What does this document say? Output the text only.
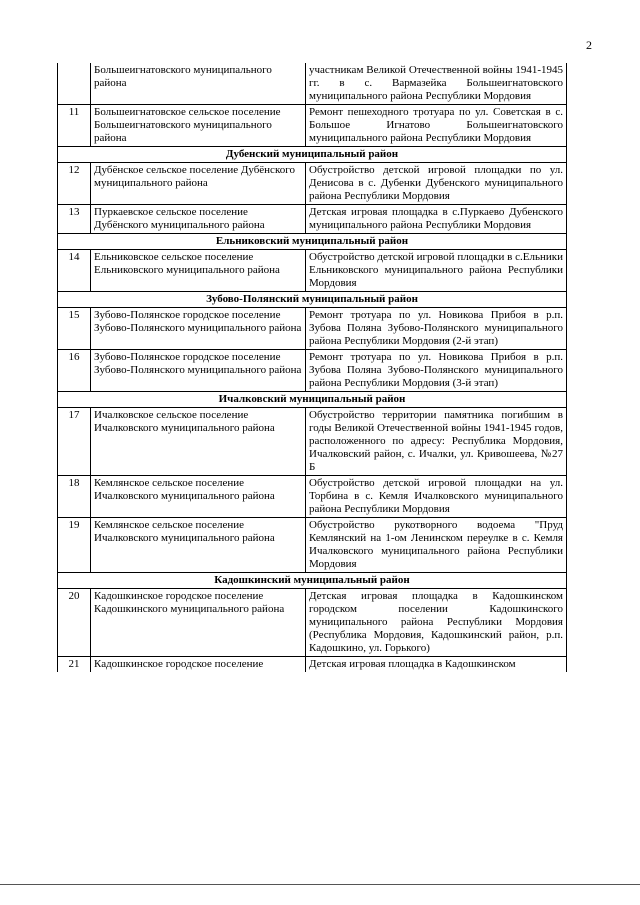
2
	Большеигнатовского муниципального района	участникам Великой Отечественной войны 1941-1945 гг. в с. Вармазейка Большеигнатовского муниципального района Республики Мордовия
11	Большеигнатовское сельское поселение Большеигнатовского муниципального района	Ремонт пешеходного тротуара по ул. Советская в с. Большое Игнатово Большеигнатовского муниципального района Республики Мордовия
Дубенский муниципальный район		
12	Дубёнское сельское поселение Дубёнского муниципального района	Обустройство детской игровой площадки по ул. Денисова в с. Дубенки Дубенского муниципального района Республики Мордовия
13	Пуркаевское сельское поселение Дубёнского муниципального района	Детская игровая площадка в с.Пуркаево Дубенского муниципального района Республики Мордовия
Ельниковский муниципальный район		
14	Ельниковское сельское поселение Ельниковского муниципального района	Обустройство детской игровой площадки в с.Ельники Ельниковского муниципального района Республики Мордовия
Зубово-Полянский муниципальный район		
15	Зубово-Полянское городское поселение Зубово-Полянского муниципального района	Ремонт тротуара по ул. Новикова Прибоя в р.п. Зубова Поляна Зубово-Полянского муниципального района Республики Мордовия (2-й этап)
16	Зубово-Полянское городское поселение Зубово-Полянского муниципального района	Ремонт тротуара по ул. Новикова Прибоя в р.п. Зубова Поляна Зубово-Полянского муниципального района Республики Мордовия (3-й этап)
Ичалковский муниципальный район		
17	Ичалковское сельское поселение Ичалковского муниципального района	Обустройство территории памятника погибшим в годы Великой Отечественной войны 1941-1945 годов, расположенного по адресу: Республика Мордовия, Ичалковский район, с. Ичалки, ул. Кривошеева, №27 Б
18	Кемлянское сельское поселение Ичалковского муниципального района	Обустройство детской игровой площадки на ул. Торбина в с. Кемля Ичалковского муниципального района Республики Мордовия
19	Кемлянское сельское поселение Ичалковского муниципального района	Обустройство рукотворного водоема "Пруд Кемлянский на 1-ом Ленинском переулке в с. Кемля Ичалковского муниципального района Республики Мордовия
Кадошкинский муниципальный район		
20	Кадошкинское городское поселение Кадошкинского муниципального района	Детская игровая площадка в Кадошкинском городском поселении Кадошкинского муниципального района Республики Мордовия (Республика Мордовия, Кадошкинский район, р.п. Кадошкино, ул. Горького)
21	Кадошкинское городское поселение	Детская игровая площадка в Кадошкинском
